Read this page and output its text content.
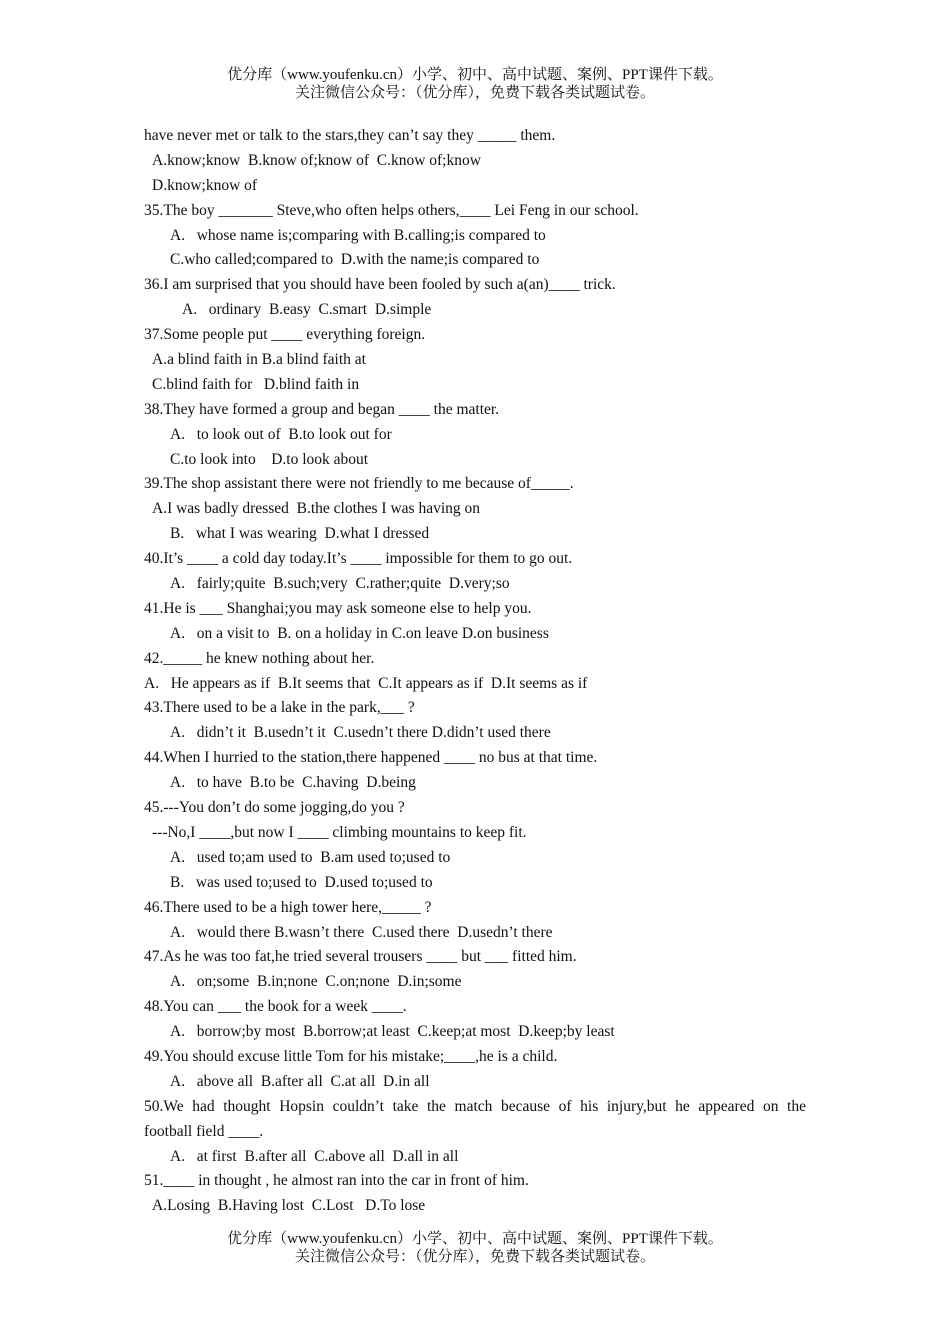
优分库（www.youfenku.cn）小学、初中、高中试题、案例、PPT课件下载。
关注微信公众号：（优分库），免费下载各类试题试卷。
have never met or talk to the stars,they can’t say they _____ them.
A.know;know  B.know of;know of  C.know of;know
D.know;know of
35.The boy _______ Steve,who often helps others,____ Lei Feng in our school.
A.   whose name is;comparing with B.calling;is compared to
C.who called;compared to  D.with the name;is compared to
36.I am surprised that you should have been fooled by such a(an)____ trick.
A.   ordinary  B.easy  C.smart  D.simple
37.Some people put ____ everything foreign.
A.a blind faith in B.a blind faith at
C.blind faith for   D.blind faith in
38.They have formed a group and began ____ the matter.
A.   to look out of  B.to look out for
C.to look into    D.to look about
39.The shop assistant there were not friendly to me because of_____.
A.I was badly dressed  B.the clothes I was having on
B.   what I was wearing  D.what I dressed
40.It’s ____ a cold day today.It’s ____ impossible for them to go out.
A.   fairly;quite  B.such;very  C.rather;quite  D.very;so
41.He is ___ Shanghai;you may ask someone else to help you.
A.   on a visit to  B. on a holiday in C.on leave D.on business
42._____ he knew nothing about her.
A.   He appears as if  B.It seems that  C.It appears as if  D.It seems as if
43.There used to be a lake in the park,___ ?
A.   didn’t it  B.usedn’t it  C.usedn’t there D.didn’t used there
44.When I hurried to the station,there happened ____ no bus at that time.
A.   to have  B.to be  C.having  D.being
45.---You don’t do some jogging,do you ?
---No,I ____,but now I ____ climbing mountains to keep fit.
A.   used to;am used to  B.am used to;used to
B.   was used to;used to  D.used to;used to
46.There used to be a high tower here,_____ ?
A.   would there B.wasn’t there  C.used there  D.usedn’t there
47.As he was too fat,he tried several trousers ____ but ___ fitted him.
A.   on;some  B.in;none  C.on;none  D.in;some
48.You can ___ the book for a week ____.
A.   borrow;by most  B.borrow;at least  C.keep;at most  D.keep;by least
49.You should excuse little Tom for his mistake;____,he is a child.
A.   above all  B.after all  C.at all  D.in all
50.We had thought Hopsin couldn’t take the match because of his injury,but he appeared on the
football field ____.
A.   at first  B.after all  C.above all  D.all in all
51.____ in thought , he almost ran into the car in front of him.
A.Losing  B.Having lost  C.Lost   D.To lose
优分库（www.youfenku.cn）小学、初中、高中试题、案例、PPT课件下载。
关注微信公众号：（优分库），免费下载各类试题试卷。
